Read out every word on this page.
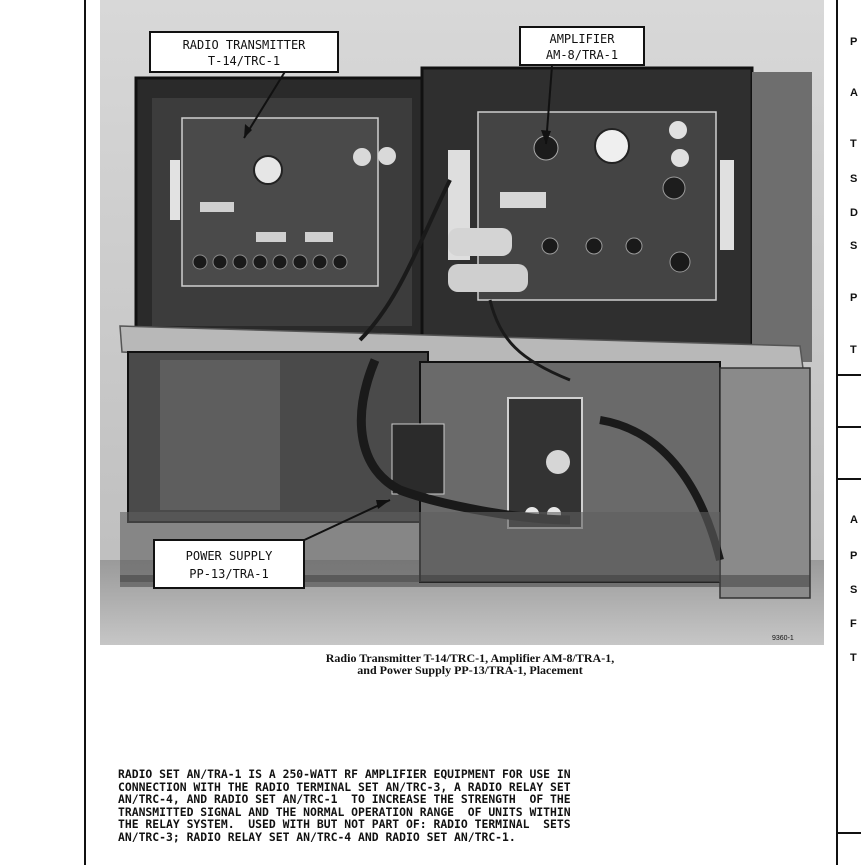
RADIO TRANSMITTER
T-14/TRC-1
AMPLIFIER
AM-8/TRA-1
POWER SUPPLY
PP-13/TRA-1
9360-1
Radio Transmitter T-14/TRC-1, Amplifier AM-8/TRA-1,
and Power Supply PP-13/TRA-1, Placement
RADIO SET AN/TRA-1 IS A 250-WATT RF AMPLIFIER EQUIPMENT FOR USE IN
CONNECTION WITH THE RADIO TERMINAL SET AN/TRC-3, A RADIO RELAY SET
AN/TRC-4, AND RADIO SET AN/TRC-1  TO INCREASE THE STRENGTH  OF THE
TRANSMITTED SIGNAL AND THE NORMAL OPERATION RANGE  OF UNITS WITHIN
THE RELAY SYSTEM.  USED WITH BUT NOT PART OF: RADIO TERMINAL  SETS
AN/TRC-3; RADIO RELAY SET AN/TRC-4 AND RADIO SET AN/TRC-1.
P
A
T
S
D
S
P
T
A
P
S
F
T
